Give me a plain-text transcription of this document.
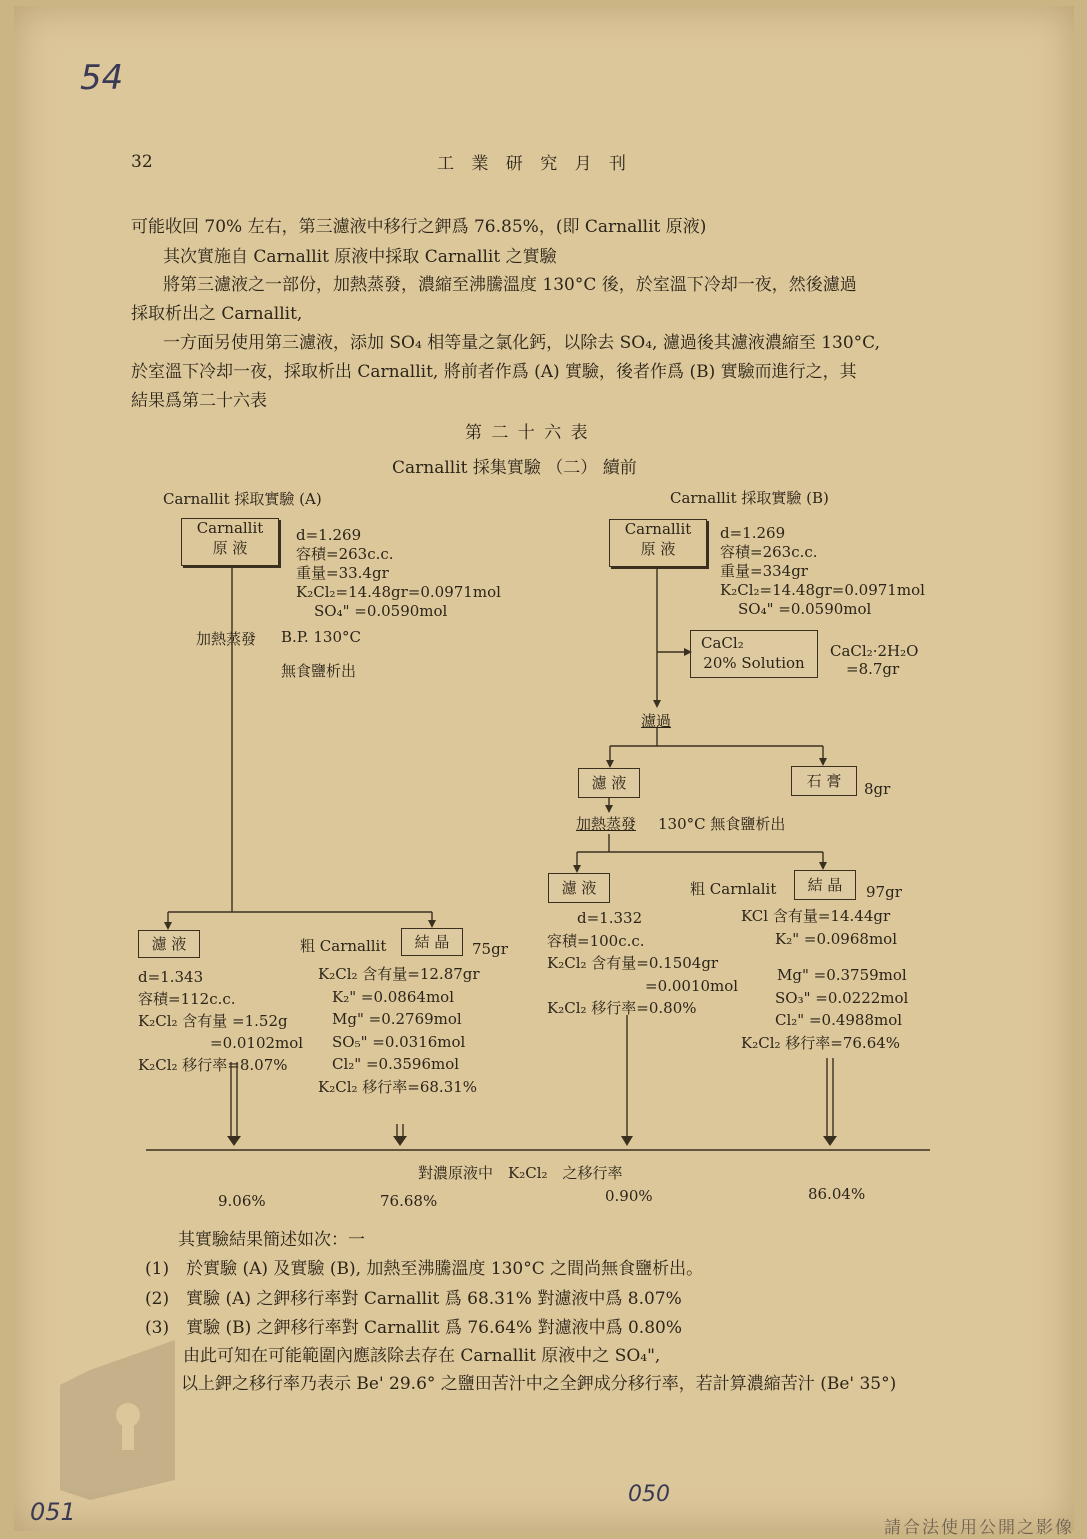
54
051
050
32	工 業 研 究 月 刊
可能收回 70% 左右，第三濾液中移行之鉀爲 76.85%，(即 Carnallit 原液)
其次實施自 Carnallit 原液中採取 Carnallit 之實驗
將第三濾液之一部份，加熱蒸發，濃縮至沸騰溫度 130°C 後，於室溫下冷却一夜，然後濾過
採取析出之 Carnallit,
一方面另使用第三濾液，添加 SO₄ 相等量之氯化鈣，以除去 SO₄, 濾過後其濾液濃縮至 130°C,
於室溫下冷却一夜，採取析出 Carnallit, 將前者作爲 (A) 實驗，後者作爲 (B) 實驗而進行之，其
結果爲第二十六表
第 二 十 六 表
Carnallit 採集實驗 （二） 續前
Carnallit 採取實驗 (A)
Carnallit
原 液
d=1.269
容積=263c.c.
重量=33.4gr
K₂Cl₂=14.48gr=0.0971mol
SO₄" =0.0590mol
加熱蒸發 B.P. 130°C
無食鹽析出
濾 液
d=1.343
容積=112c.c.
K₂Cl₂ 含有量 =1.52g
=0.0102mol
K₂Cl₂ 移行率=8.07%
粗 Carnallit	結 晶	75gr
K₂Cl₂ 含有量=12.87gr
K₂" =0.0864mol
Mg" =0.2769mol
SO₅" =0.0316mol
Cl₂" =0.3596mol
K₂Cl₂ 移行率=68.31%
Carnallit 採取實驗 (B)
Carnallit
原 液
d=1.269
容積=263c.c.
重量=334gr
K₂Cl₂=14.48gr=0.0971mol
SO₄" =0.0590mol
CaCl₂
20% Solution
CaCl₂·2H₂O
=8.7gr
濾過
濾 液	石 膏	8gr
加熱蒸發 130°C 無食鹽析出
濾 液
d=1.332
容積=100c.c.
K₂Cl₂ 含有量=0.1504gr
=0.0010mol
K₂Cl₂ 移行率=0.80%
粗 Carnlalit	結 晶	97gr
KCl 含有量=14.44gr
K₂" =0.0968mol
Mg" =0.3759mol
SO₃" =0.0222mol
Cl₂" =0.4988mol
K₂Cl₂ 移行率=76.64%
對濃原液中　K₂Cl₂　之移行率
9.06%	76.68%	0.90%	86.04%
其實驗結果簡述如次：一
(1)　於實驗 (A) 及實驗 (B), 加熱至沸騰溫度 130°C 之間尚無食鹽析出。
(2)　實驗 (A) 之鉀移行率對 Carnallit 爲 68.31% 對濾液中爲 8.07%
(3)　實驗 (B) 之鉀移行率對 Carnallit 爲 76.64% 對濾液中爲 0.80%
由此可知在可能範圍內應該除去存在 Carnallit 原液中之 SO₄",
以上鉀之移行率乃表示 Be' 29.6° 之鹽田苦汁中之全鉀成分移行率，若計算濃縮苦汁 (Be' 35°)
請合法使用公開之影像
